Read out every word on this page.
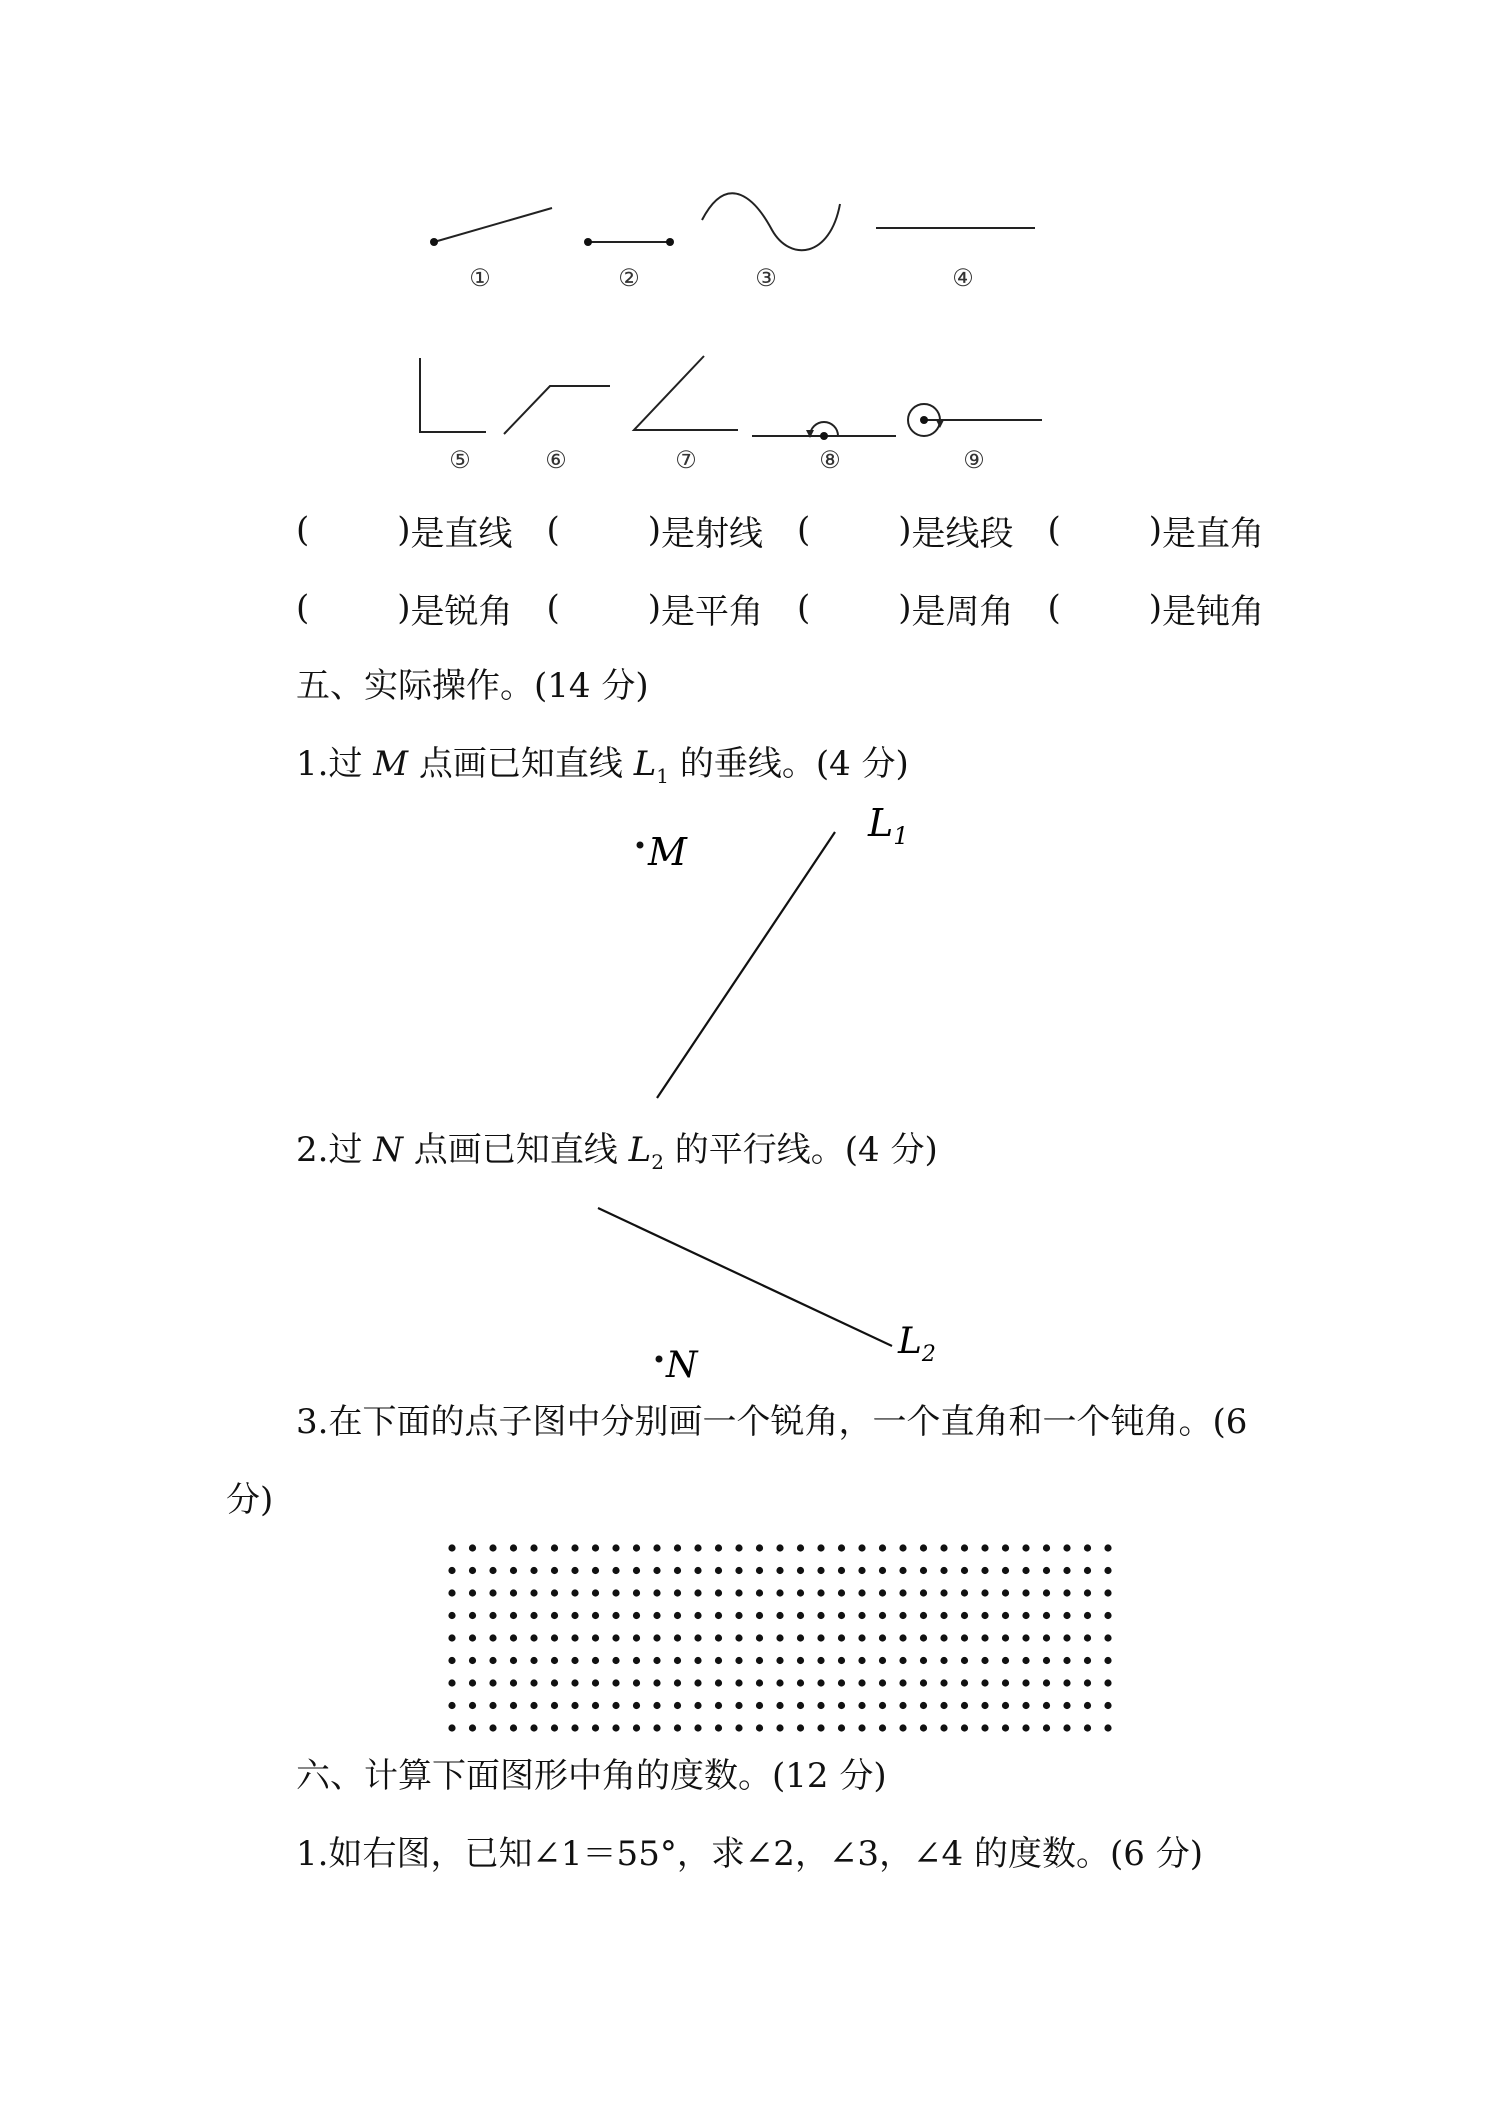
①	②	③	④
⑤	⑥	⑦	⑧	⑨
(	) 是直线 (	) 是射线 (	) 是线段 (	) 是直角
(	) 是锐角 (	) 是平角 (	) 是周角 (	) 是钝角
五、实际操作。(14 分)
1.过 M 点画已知直线 $L_1$ 的垂线。(4 分)
M
$L_1$
2.过 N 点画已知直线 $L_2$ 的平行线。(4 分)
$L_2$
N
3.在下面的点子图中分别画一个锐角，一个直角和一个钝角。(6
分)
六、计算下面图形中角的度数。(12 分)
1.如右图，已知∠1＝55°，求∠2，∠3，∠4 的度数。(6 分)
